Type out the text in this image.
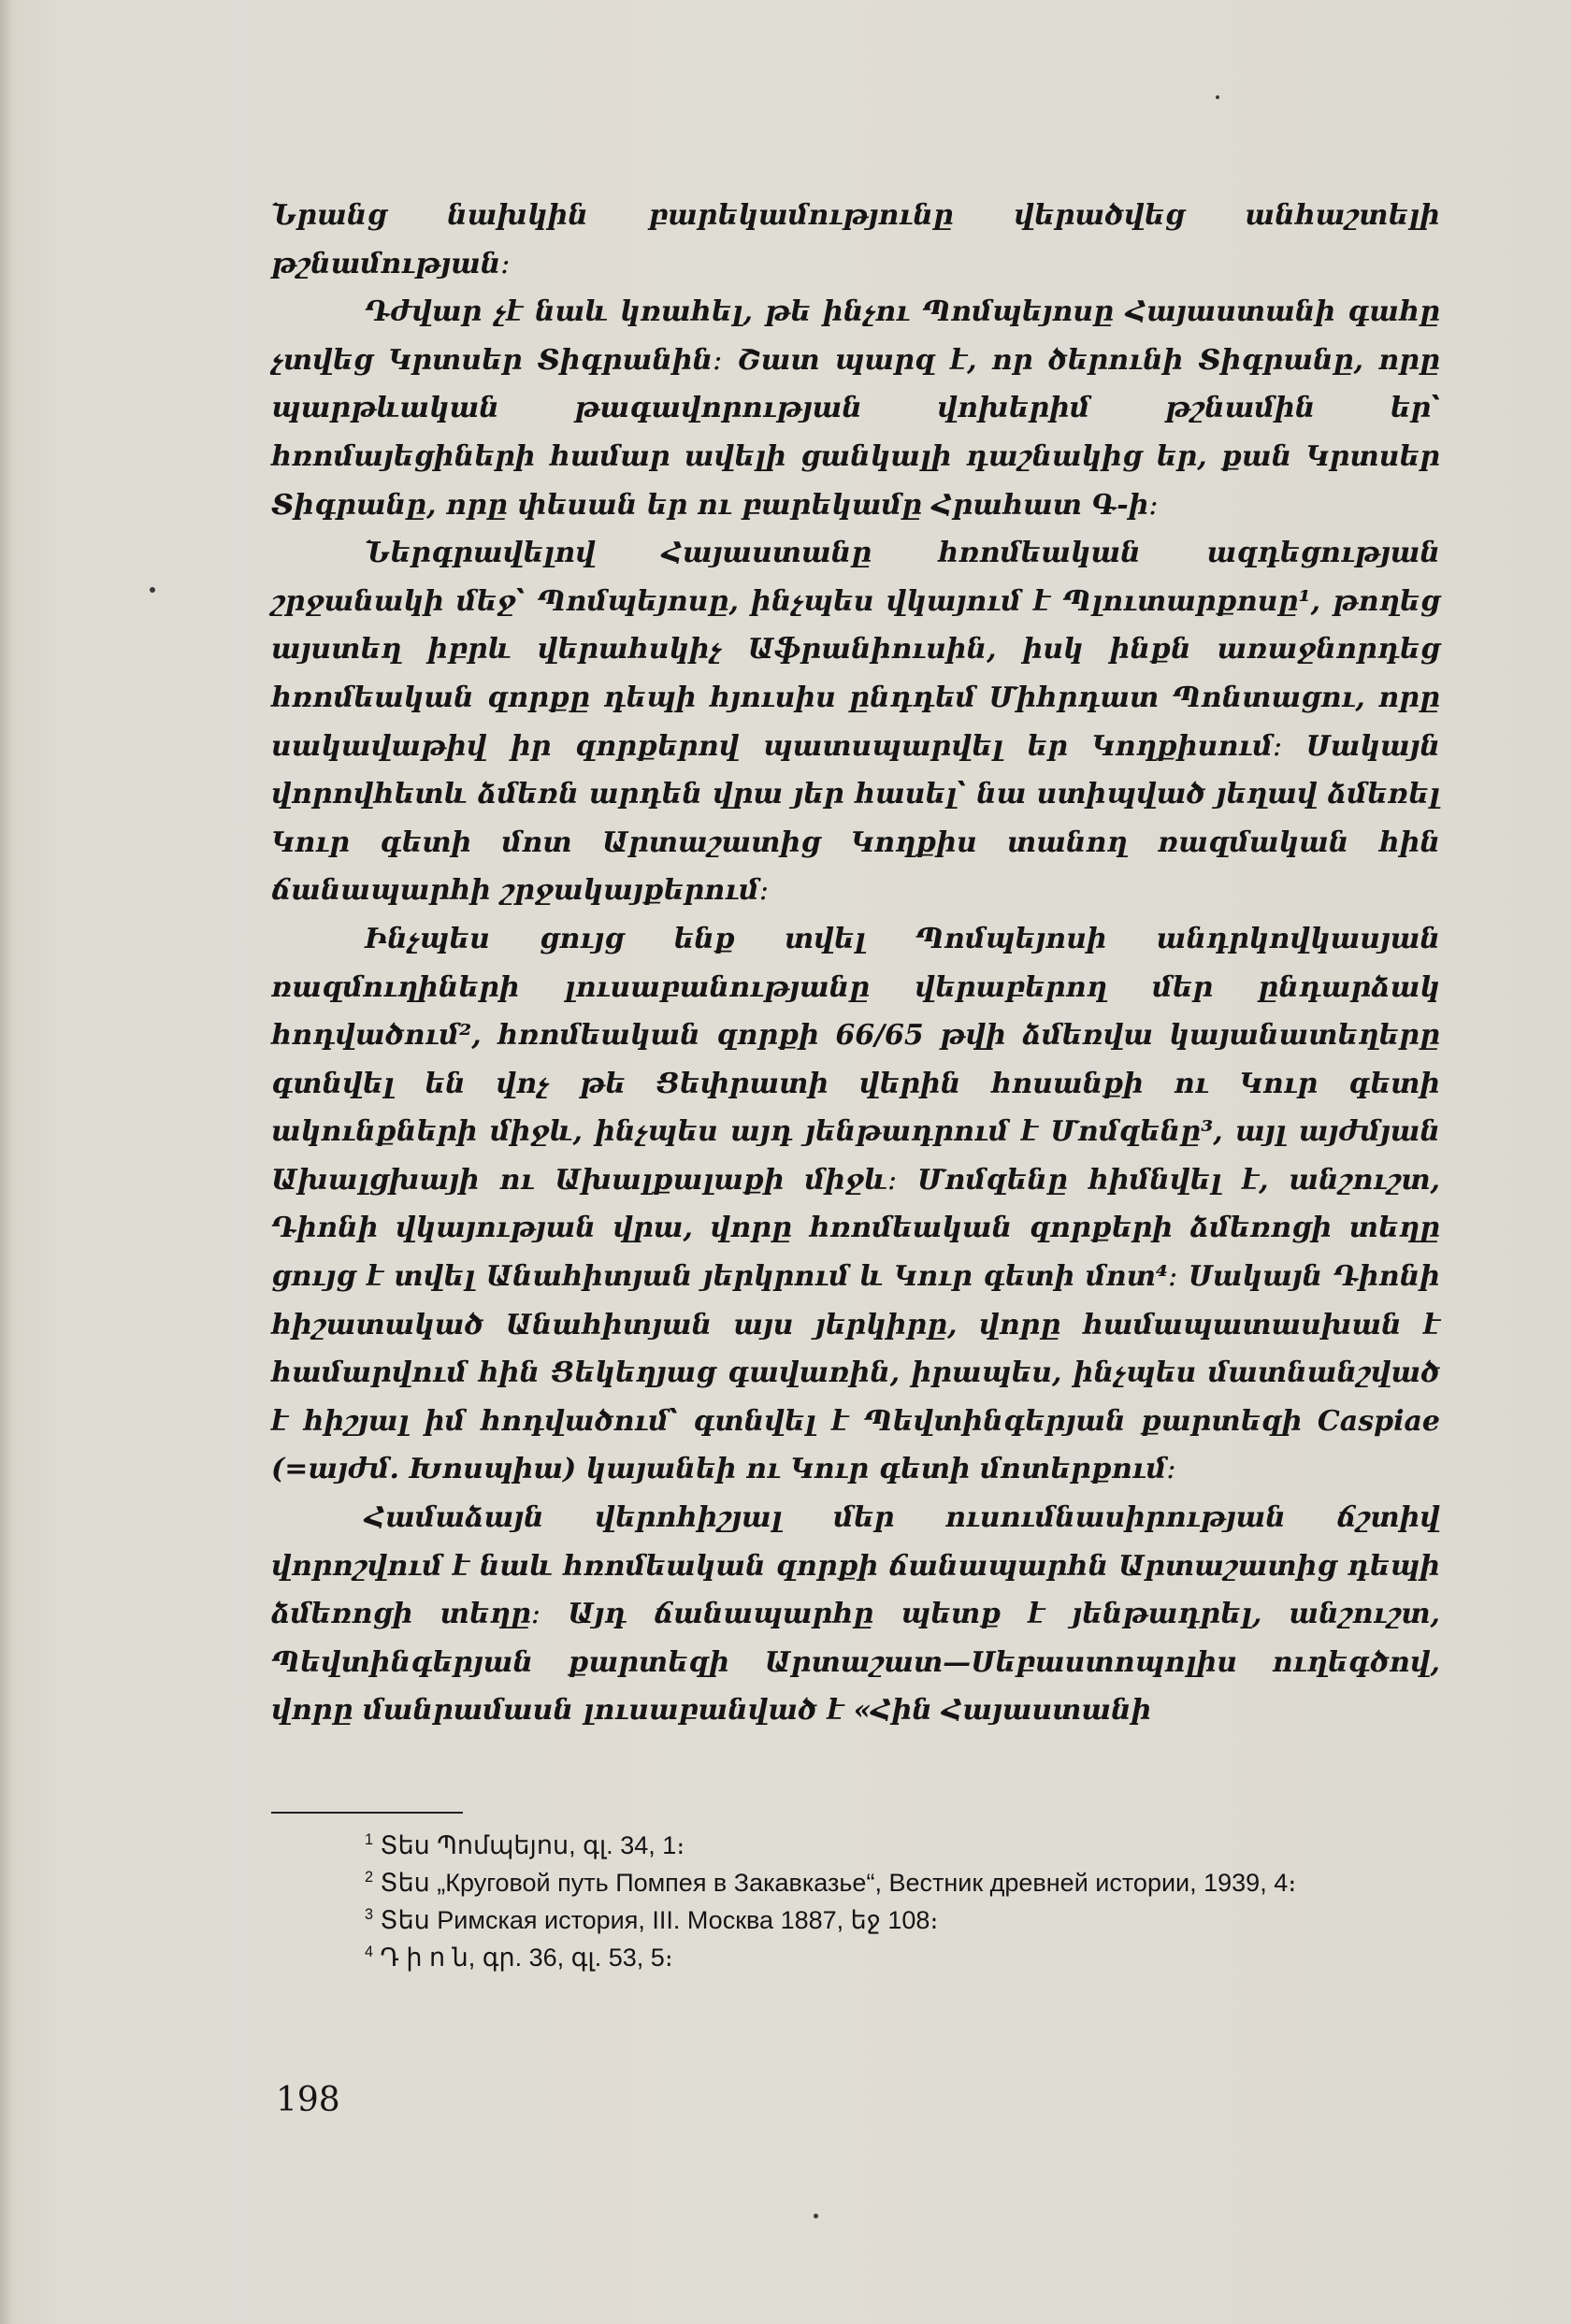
Նրանց նախկին բարեկամությունը վերածվեց անհաշտելի թշնամության։

Դժվար չէ նաև կռահել, թե ինչու Պոմպեյոսը Հայաստանի գահը չտվեց Կրտսեր Տիգրանին։ Շատ պարզ է, որ ծերունի Տիգրանը, որը պարթևական թագավորության վոխերիմ թշնամին եր՝ հռոմայեցիների համար ավելի ցանկալի դաշնակից եր, քան Կրտսեր Տիգրանը, որը փեսան եր ու բարեկամը Հրահատ Գ-ի։

Ներգրավելով Հայաստանը հռոմեական ազդեցության շրջանակի մեջ՝ Պոմպեյոսը, ինչպես վկայում է Պլուտարքոսը¹, թողեց այստեղ իբրև վերահսկիչ Աֆրանիուսին, իսկ ինքն առաջնորդեց հռոմեական զորքը դեպի հյուսիս ընդդեմ Միհրդատ Պոնտացու, որը սակավաթիվ իր զորքերով պատսպարվել եր Կողքիսում։ Սակայն վորովհետև ձմեռն արդեն վրա յեր հասել՝ նա ստիպված յեղավ ձմեռել Կուր գետի մոտ Արտաշատից Կողքիս տանող ռազմական հին ճանապարհի շրջակայքերում։

Ինչպես ցույց ենք տվել Պոմպեյոսի անդրկովկասյան ռազմուղիների լուսաբանությանը վերաբերող մեր ընդարձակ հոդվածում², հռոմեական զորքի 66/65 թվի ձմեռվա կայանատեղերը գտնվել են վոչ թե Ցեփրատի վերին հոսանքի ու Կուր գետի ակունքների միջև, ինչպես այդ յենթադրում է Մոմզենը³, այլ այժմյան Ախալցխայի ու Ախալքալաքի միջև։ Մոմզենը հիմնվել է, անշուշտ, Դիոնի վկայության վրա, վորը հռոմեական զորքերի ձմեռոցի տեղը ցույց է տվել Անահիտյան յերկրում և Կուր գետի մոտ⁴։ Սակայն Դիոնի հիշատակած Անահիտյան այս յերկիրը, վորը համապատասխան է համարվում հին Ցեկեղյաց գավառին, իրապես, ինչպես մատնանշված է հիշյալ իմ հոդվածում՝ գտնվել է Պեվտինգերյան քարտեզի Caspiae (=այժմ. Խոսպիա) կայանեի ու Կուր գետի մոտերքում։

Համաձայն վերոհիշյալ մեր ուսումնասիրության ճշտիվ վորոշվում է նաև հռոմեական զորքի ճանապարհն Արտաշատից դեպի ձմեռոցի տեղը։ Այդ ճանապարհը պետք է յենթադրել, անշուշտ, Պեվտինգերյան քարտեզի Արտաշատ—Սեբաստոպոլիս ուղեգծով, վորը մանրամասն լուսաբանված է «Հին Հայաստանի

$^1$ Տես Պոմպեյոս, գլ. 34, 1։

$^2$ Տես „Круговой путь Помпея в Закавказье“, Вестник древней истории, 1939, 4։

$^3$ Տես Римская история, III. Москва 1887, եջ 108։

$^4$ Դ ի ո ն, գր. 36, գլ. 53, 5։

198
